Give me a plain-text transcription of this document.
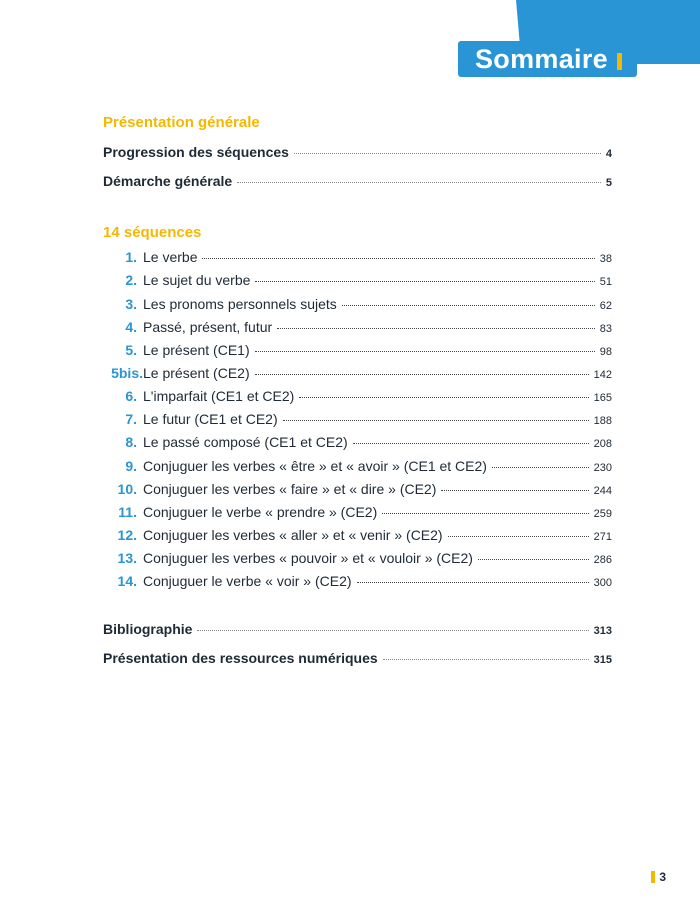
Sommaire
Présentation générale
Progression des séquences	4
Démarche générale	5
14 séquences
1. Le verbe	38
2. Le sujet du verbe	51
3. Les pronoms personnels sujets	62
4. Passé, présent, futur	83
5. Le présent (CE1)	98
5bis. Le présent (CE2)	142
6. L'imparfait (CE1 et CE2)	165
7. Le futur (CE1 et CE2)	188
8. Le passé composé (CE1 et CE2)	208
9. Conjuguer les verbes « être » et « avoir » (CE1 et CE2)	230
10. Conjuguer les verbes « faire » et « dire » (CE2)	244
11. Conjuguer le verbe « prendre » (CE2)	259
12. Conjuguer les verbes « aller » et « venir » (CE2)	271
13. Conjuguer les verbes « pouvoir » et « vouloir » (CE2)	286
14. Conjuguer le verbe « voir » (CE2)	300
Bibliographie	313
Présentation des ressources numériques	315
3
